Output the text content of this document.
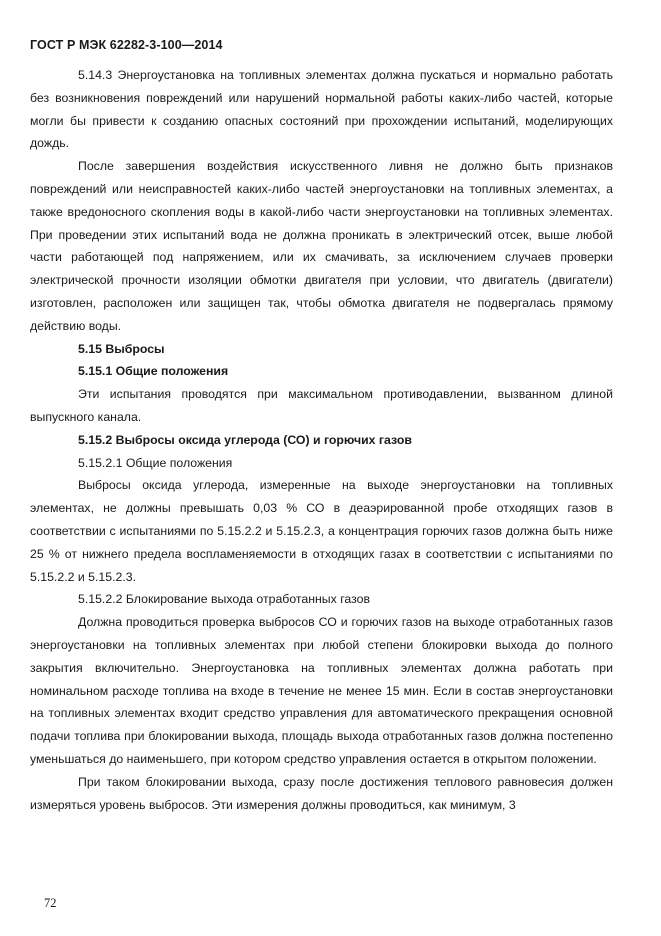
ГОСТ Р МЭК 62282-3-100—2014

5.14.3 Энергоустановка на топливных элементах должна пускаться и нормально работать без возникновения повреждений или нарушений нормальной работы каких-либо частей, которые могли бы привести к созданию опасных состояний при прохождении испытаний, моделирующих дождь.

После завершения воздействия искусственного ливня не должно быть признаков повреждений или неисправностей каких-либо частей энергоустановки на топливных элементах, а также вредоносного скопления воды в какой-либо части энергоустановки на топливных элементах. При проведении этих испытаний вода не должна проникать в электрический отсек, выше любой части работающей под напряжением, или их смачивать, за исключением случаев проверки электрической прочности изоляции обмотки двигателя при условии, что двигатель (двигатели) изготовлен, расположен или защищен так, чтобы обмотка двигателя не подвергалась прямому действию воды.

5.15 Выбросы

5.15.1 Общие положения

Эти испытания проводятся при максимальном противодавлении, вызванном длиной выпускного канала.

5.15.2 Выбросы оксида углерода (СО) и горючих газов

5.15.2.1 Общие положения

Выбросы оксида углерода, измеренные на выходе энергоустановки на топливных элементах, не должны превышать 0,03 % СО в деаэрированной пробе отходящих газов в соответствии с испытаниями по 5.15.2.2 и 5.15.2.3, а концентрация горючих газов должна быть ниже 25 % от нижнего предела воспламеняемости в отходящих газах в соответствии с испытаниями по 5.15.2.2 и 5.15.2.3.

5.15.2.2 Блокирование выхода отработанных газов

Должна проводиться проверка выбросов СО и горючих газов на выходе отработанных газов энергоустановки на топливных элементах при любой степени блокировки выхода до полного закрытия включительно. Энергоустановка на топливных элементах должна работать при номинальном расходе топлива на входе в течение не менее 15 мин. Если в состав энергоустановки на топливных элементах входит средство управления для автоматического прекращения основной подачи топлива при блокировании выхода, площадь выхода отработанных газов должна постепенно уменьшаться до наименьшего, при котором средство управления остается в открытом положении.

При таком блокировании выхода, сразу после достижения теплового равновесия должен измеряться уровень выбросов. Эти измерения должны проводиться, как минимум, 3

72
